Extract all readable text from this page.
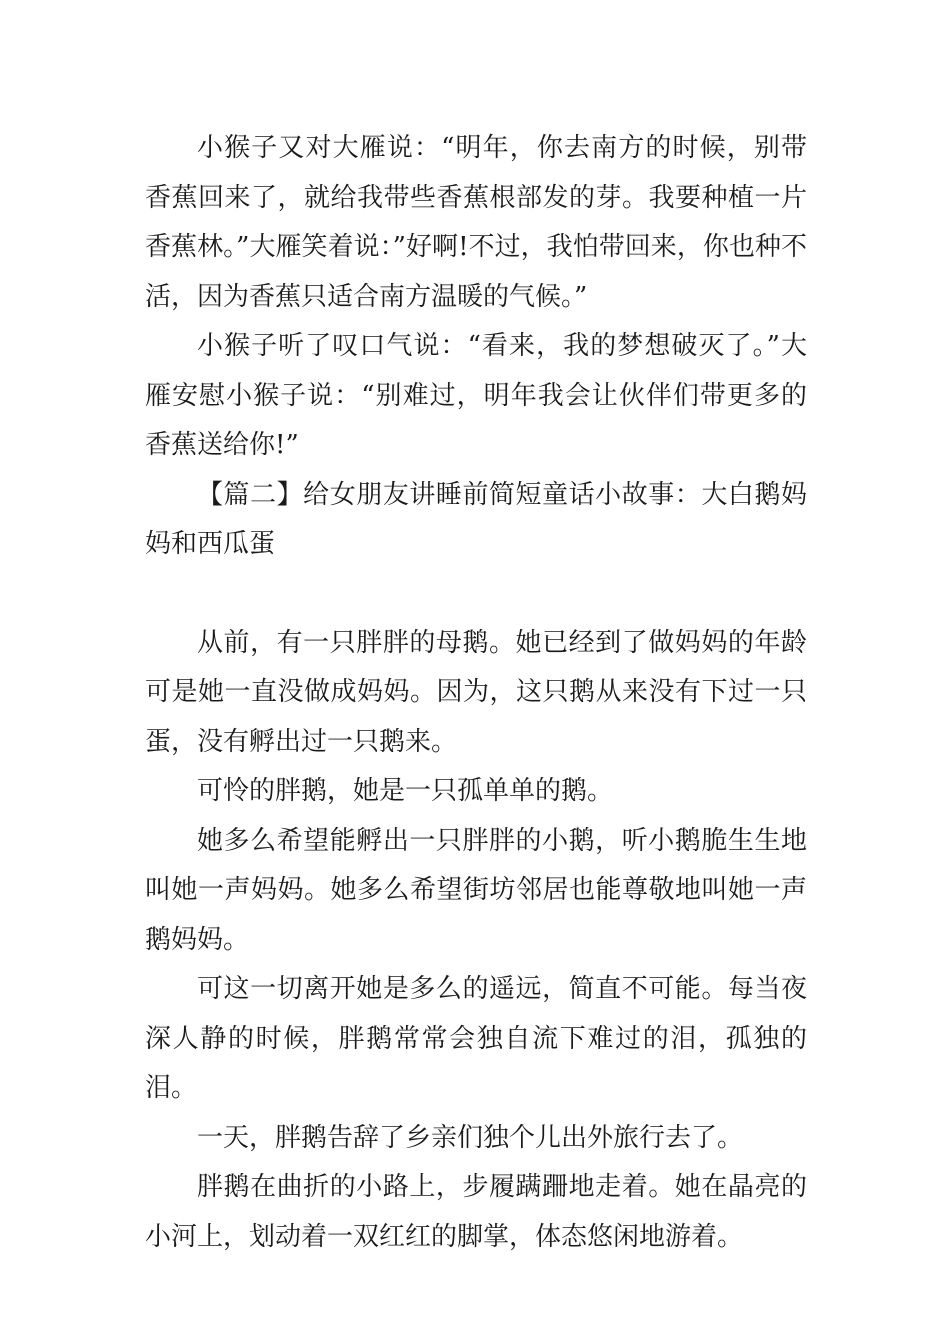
小猴子又对大雁说：“明年，你去南方的时候，别带香蕉回来了，就给我带些香蕉根部发的芽。我要种植一片香蕉林。”大雁笑着说：”好啊!不过，我怕带回来，你也种不活，因为香蕉只适合南方温暖的气候。”

小猴子听了叹口气说：“看来，我的梦想破灭了。”大雁安慰小猴子说：“别难过，明年我会让伙伴们带更多的香蕉送给你!”

【篇二】给女朋友讲睡前简短童话小故事：大白鹅妈妈和西瓜蛋

从前，有一只胖胖的母鹅。她已经到了做妈妈的年龄可是她一直没做成妈妈。因为，这只鹅从来没有下过一只蛋，没有孵出过一只鹅来。

可怜的胖鹅，她是一只孤单单的鹅。

她多么希望能孵出一只胖胖的小鹅，听小鹅脆生生地叫她一声妈妈。她多么希望街坊邻居也能尊敬地叫她一声鹅妈妈。

可这一切离开她是多么的遥远，简直不可能。每当夜深人静的时候，胖鹅常常会独自流下难过的泪，孤独的泪。

一天，胖鹅告辞了乡亲们独个儿出外旅行去了。

胖鹅在曲折的小路上，步履蹒跚地走着。她在晶亮的小河上，划动着一双红红的脚掌，体态悠闲地游着。
